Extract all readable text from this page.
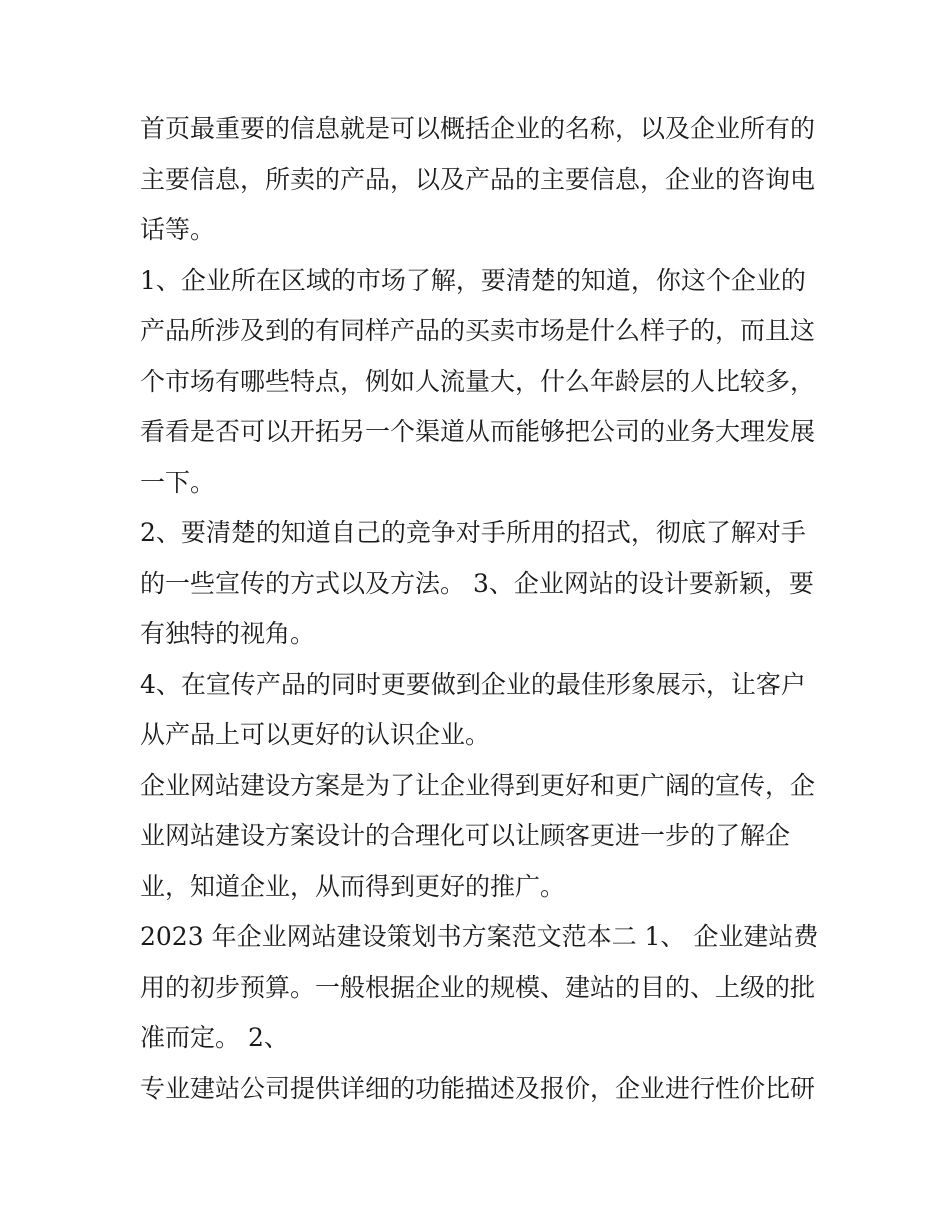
首页最重要的信息就是可以概括企业的名称，以及企业所有的
主要信息，所卖的产品，以及产品的主要信息，企业的咨询电
话等。
1、企业所在区域的市场了解，要清楚的知道，你这个企业的
产品所涉及到的有同样产品的买卖市场是什么样子的，而且这
个市场有哪些特点，例如人流量大，什么年龄层的人比较多，
看看是否可以开拓另一个渠道从而能够把公司的业务大理发展
一下。
2、要清楚的知道自己的竞争对手所用的招式，彻底了解对手
的一些宣传的方式以及方法。 3、企业网站的设计要新颖，要
有独特的视角。
4、在宣传产品的同时更要做到企业的最佳形象展示，让客户
从产品上可以更好的认识企业。
企业网站建设方案是为了让企业得到更好和更广阔的宣传，企
业网站建设方案设计的合理化可以让顾客更进一步的了解企
业，知道企业，从而得到更好的推广。
2023 年企业网站建设策划书方案范文范本二 1、 企业建站费
用的初步预算。一般根据企业的规模、建站的目的、上级的批
准而定。 2、
专业建站公司提供详细的功能描述及报价，企业进行性价比研
